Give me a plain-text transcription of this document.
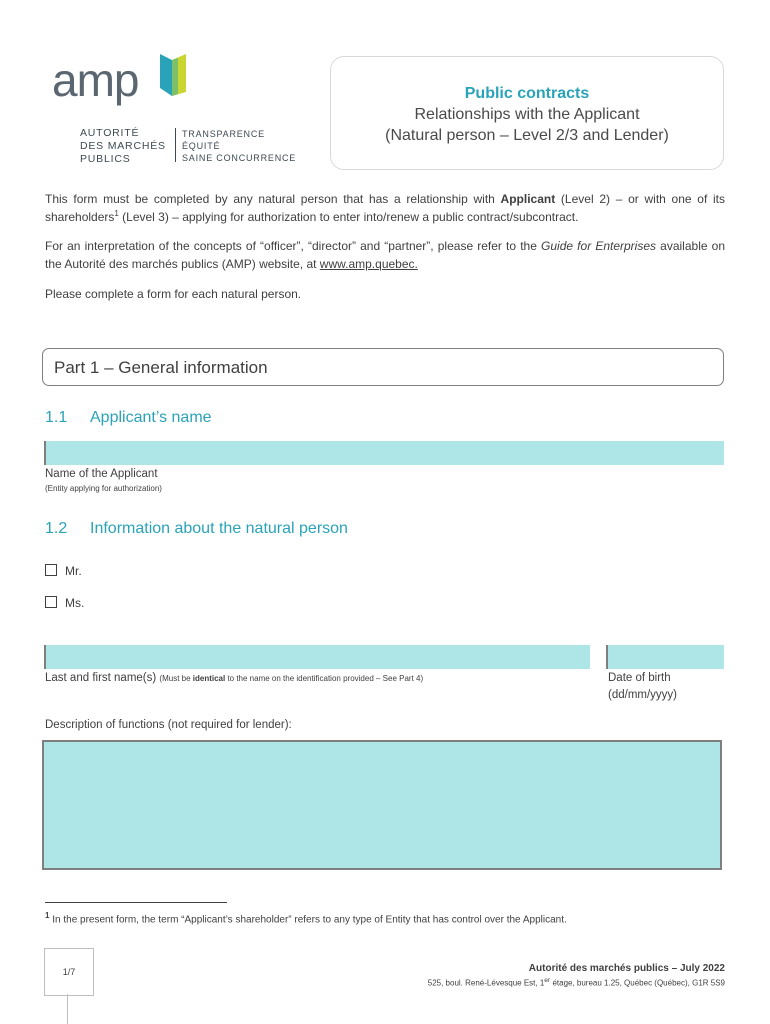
amp
AUTORITÉ
DES MARCHÉS
PUBLICS
TRANSPARENCE
ÉQUITÉ
SAINE CONCURRENCE
Public contracts
Relationships with the Applicant
(Natural person – Level 2/3 and Lender)
This form must be completed by any natural person that has a relationship with Applicant (Level 2) – or with one of its shareholders$^1$ (Level 3) – applying for authorization to enter into/renew a public contract/subcontract.
For an interpretation of the concepts of “officer”, “director” and “partner”, please refer to the Guide for Enterprises available on the Autorité des marchés publics (AMP) website, at www.amp.quebec.
Please complete a form for each natural person.
Part 1 – General information
1.1 Applicant’s name
Name of the Applicant
(Entity applying for authorization)
1.2 Information about the natural person
Mr.
Ms.
Last and first name(s) (Must be identical to the name on the identification provided – See Part 4)	Date of birth
(dd/mm/yyyy)
Description of functions (not required for lender):
$^1$ In the present form, the term “Applicant’s shareholder” refers to any type of Entity that has control over the Applicant.
1/7	Autorité des marchés publics – July 2022
525, boul. René-Lévesque Est, 1er étage, bureau 1.25, Québec (Québec), G1R 5S9
